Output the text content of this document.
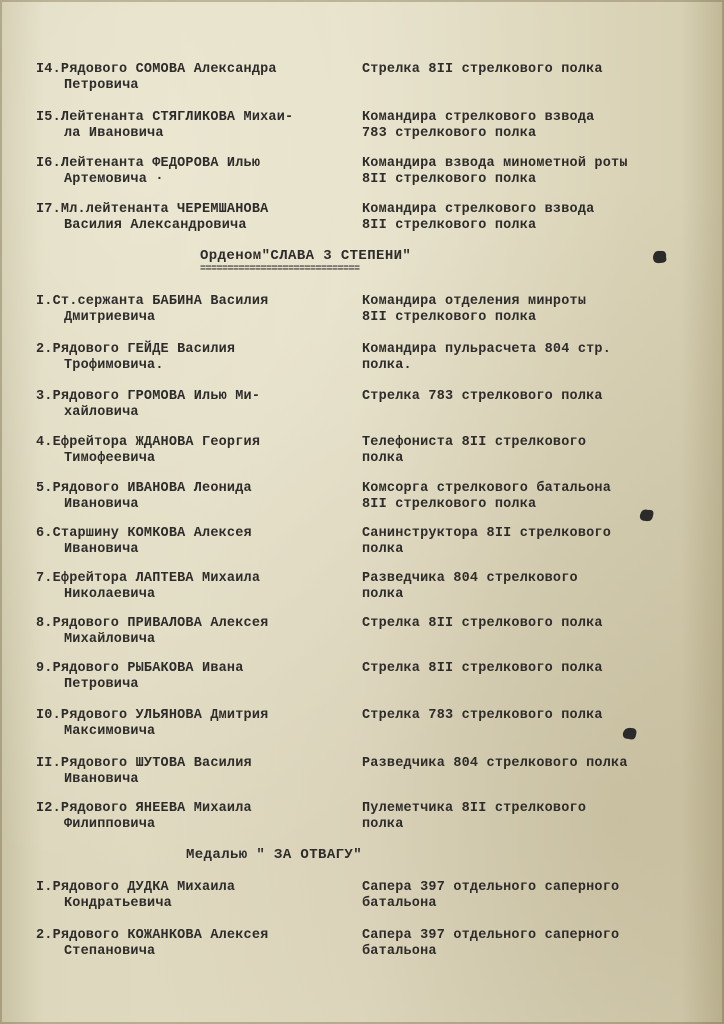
I4.Рядового СОМОВА Александра
Петровича
Стрелка 8II стрелкового полка
I5.Лейтенанта СТЯГЛИКОВА Михаи-
ла Ивановича
Командира стрелкового взвода
783 стрелкового полка
I6.Лейтенанта ФЕДОРОВА Илью
Артемовича ·
Командира взвода минометной роты
8II стрелкового полка
I7.Мл.лейтенанта ЧЕРЕМШАНОВА
Василия Александровича
Командира стрелкового взвода
8II стрелкового полка
Орденом"СЛАВА 3 СТЕПЕНИ"
=============================
I.Ст.сержанта БАБИНА Василия
Дмитриевича
Командира отделения минроты
8II стрелкового полка
2.Рядового ГЕЙДЕ Василия
Трофимовича.
Командира пульрасчета 804 стр.
полка.
3.Рядового ГРОМОВА Илью Ми-
хайловича
Стрелка 783 стрелкового полка
4.Ефрейтора ЖДАНОВА Георгия
Тимофеевича
Телефониста 8II стрелкового
полка
5.Рядового ИВАНОВА Леонида
Ивановича
Комсорга стрелкового батальона
8II стрелкового полка
6.Старшину КОМКОВА Алексея
Ивановича
Санинструктора 8II стрелкового
полка
7.Ефрейтора ЛАПТЕВА Михаила
Николаевича
Разведчика 804 стрелкового
полка
8.Рядового ПРИВАЛОВА Алексея
Михайловича
Стрелка 8II стрелкового полка
9.Рядового РЫБАКОВА Ивана
Петровича
Стрелка 8II стрелкового полка
I0.Рядового УЛЬЯНОВА Дмитрия
Максимовича
Стрелка 783 стрелкового полка
II.Рядового ШУТОВА Василия
Ивановича
Разведчика 804 стрелкового полка
I2.Рядового ЯНЕЕВА Михаила
Филипповича
Пулеметчика 8II стрелкового
полка
Медалью " ЗА ОТВАГУ"
I.Рядового ДУДКА Михаила
Кондратьевича
Сапера 397 отдельного саперного
батальона
2.Рядового КОЖАНКОВА Алексея
Степановича
Сапера 397 отдельного саперного
батальона
